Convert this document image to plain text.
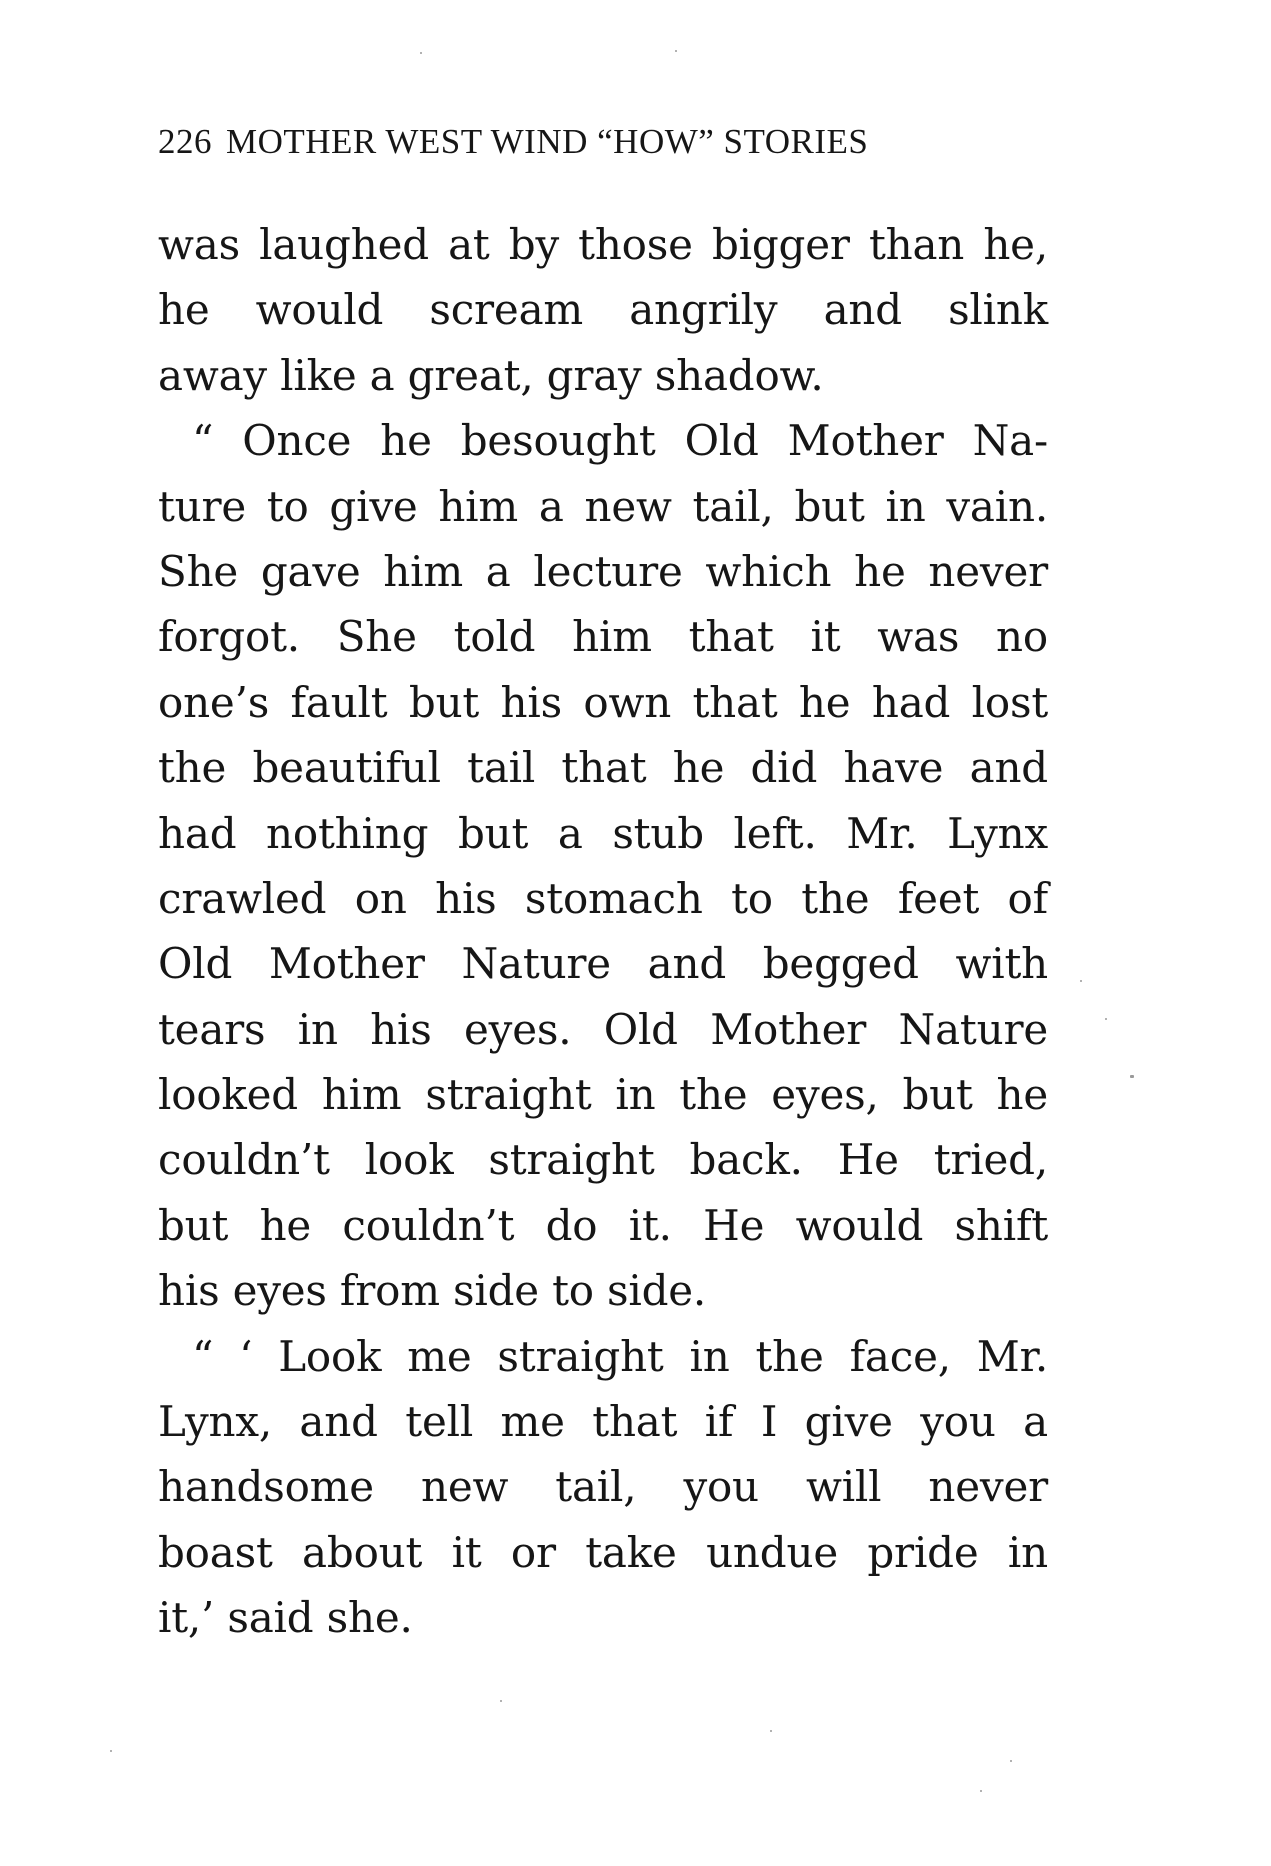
226 MOTHER WEST WIND “HOW” STORIES
was laughed at by those bigger than he,
he would scream angrily and slink
away like a great, gray shadow.
“ Once he besought Old Mother Na-
ture to give him a new tail, but in vain.
She gave him a lecture which he never
forgot. She told him that it was no
one’s fault but his own that he had lost
the beautiful tail that he did have and
had nothing but a stub left. Mr. Lynx
crawled on his stomach to the feet of
Old Mother Nature and begged with
tears in his eyes. Old Mother Nature
looked him straight in the eyes, but he
couldn’t look straight back. He tried,
but he couldn’t do it. He would shift
his eyes from side to side.
“ ‘ Look me straight in the face, Mr.
Lynx, and tell me that if I give you a
handsome new tail, you will never
boast about it or take undue pride in
it,’ said she.
